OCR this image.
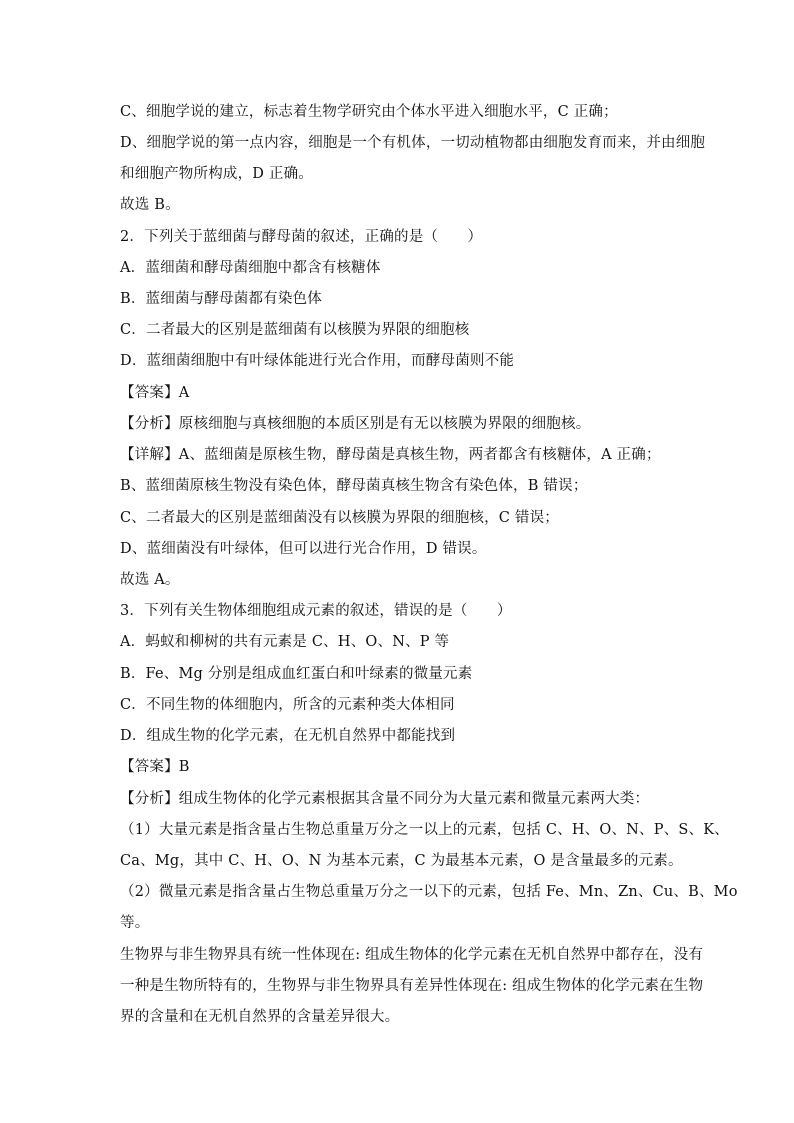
C、细胞学说的建立，标志着生物学研究由个体水平进入细胞水平，C 正确；
D、细胞学说的第一点内容，细胞是一个有机体，一切动植物都由细胞发育而来，并由细胞
和细胞产物所构成，D 正确。
故选 B。
2．下列关于蓝细菌与酵母菌的叙述，正确的是（　　）
A．蓝细菌和酵母菌细胞中都含有核糖体
B．蓝细菌与酵母菌都有染色体
C．二者最大的区别是蓝细菌有以核膜为界限的细胞核
D．蓝细菌细胞中有叶绿体能进行光合作用，而酵母菌则不能
【答案】A
【分析】原核细胞与真核细胞的本质区别是有无以核膜为界限的细胞核。
【详解】A、蓝细菌是原核生物，酵母菌是真核生物，两者都含有核糖体，A 正确；
B、蓝细菌原核生物没有染色体，酵母菌真核生物含有染色体，B 错误；
C、二者最大的区别是蓝细菌没有以核膜为界限的细胞核，C 错误；
D、蓝细菌没有叶绿体，但可以进行光合作用，D 错误。
故选 A。
3．下列有关生物体细胞组成元素的叙述，错误的是（　　）
A．蚂蚁和柳树的共有元素是 C、H、O、N、P 等
B．Fe、Mg 分别是组成血红蛋白和叶绿素的微量元素
C．不同生物的体细胞内，所含的元素种类大体相同
D．组成生物的化学元素，在无机自然界中都能找到
【答案】B
【分析】组成生物体的化学元素根据其含量不同分为大量元素和微量元素两大类：
（1）大量元素是指含量占生物总重量万分之一以上的元素，包括 C、H、O、N、P、S、K、
Ca、Mg，其中 C、H、O、N 为基本元素，C 为最基本元素，O 是含量最多的元素。
（2）微量元素是指含量占生物总重量万分之一以下的元素，包括 Fe、Mn、Zn、Cu、B、Mo
等。
生物界与非生物界具有统一性体现在: 组成生物体的化学元素在无机自然界中都存在，没有
一种是生物所特有的，生物界与非生物界具有差异性体现在: 组成生物体的化学元素在生物
界的含量和在无机自然界的含量差异很大。
